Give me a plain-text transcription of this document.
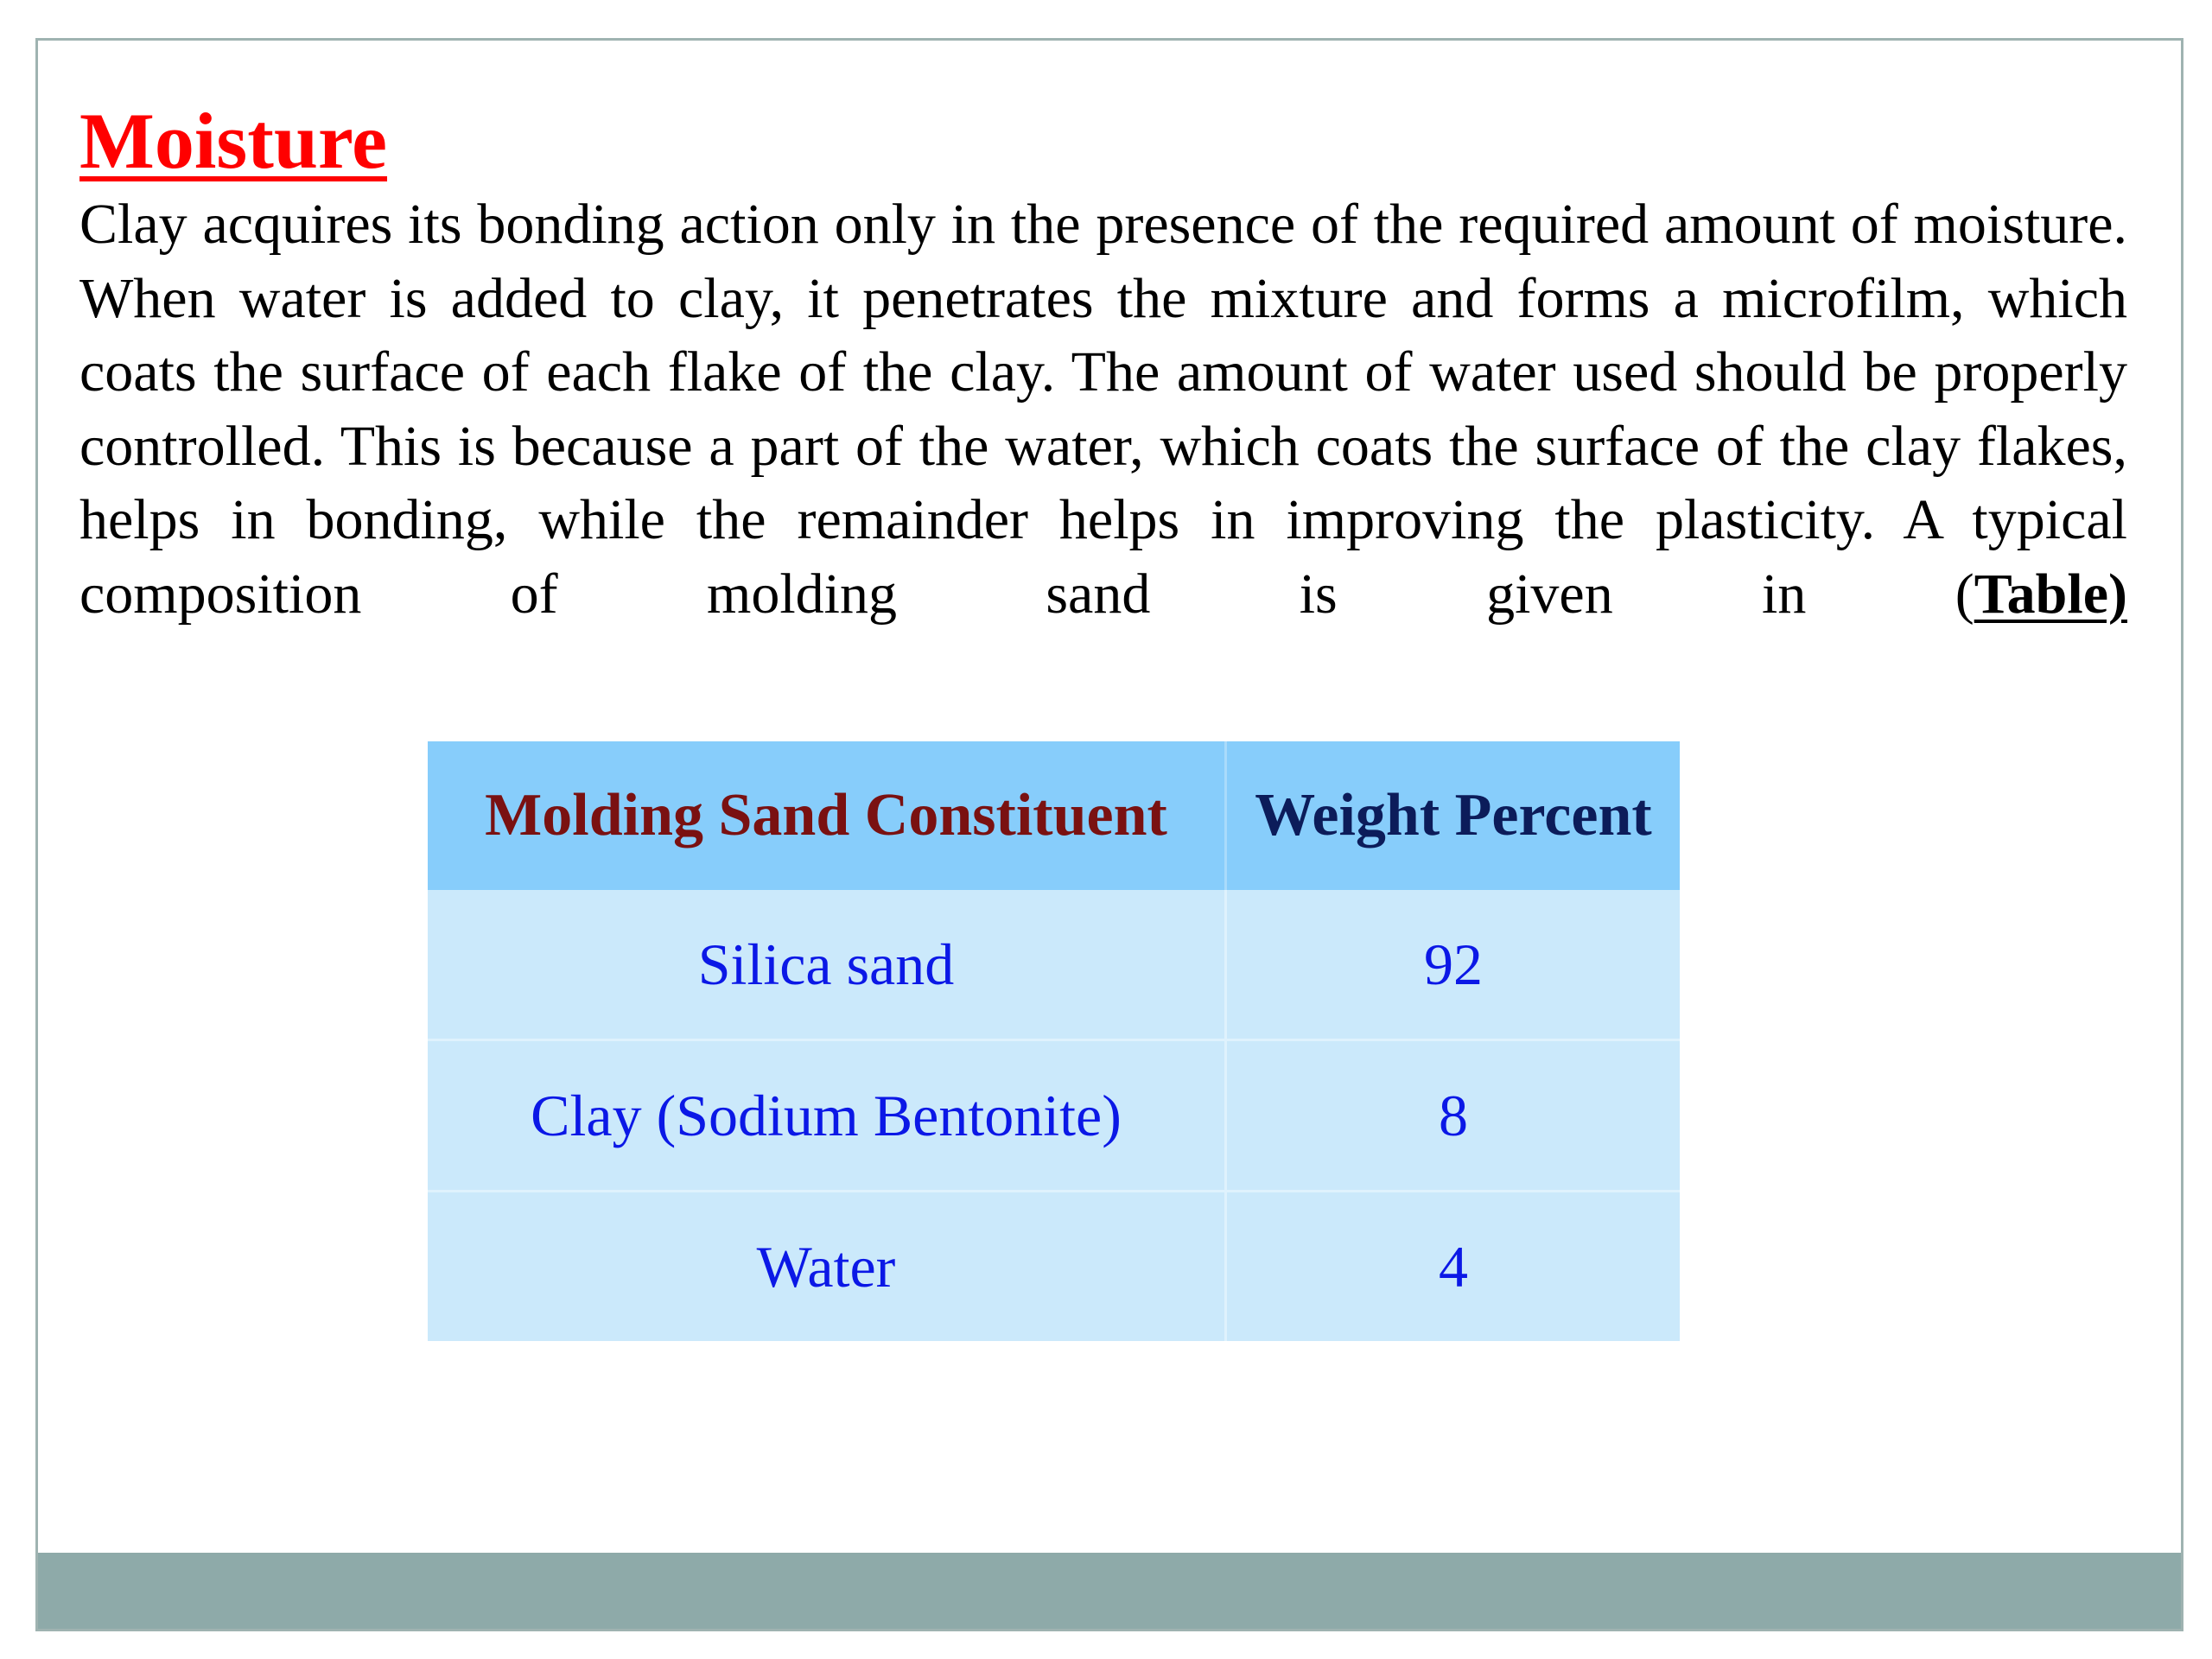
Moisture

Clay acquires its bonding action only in the presence of the required amount of moisture. When water is added to clay, it penetrates the mixture and forms a microfilm, which coats the surface of each flake of the clay. The amount of water used should be properly controlled. This is because a part of the water, which coats the surface of the clay flakes, helps in bonding, while the remainder helps in improving the plasticity. A typical composition of molding sand is given in (Table)

Molding Sand Constituent	Weight Percent
Silica sand	92
Clay (Sodium Bentonite)	8
Water	4
